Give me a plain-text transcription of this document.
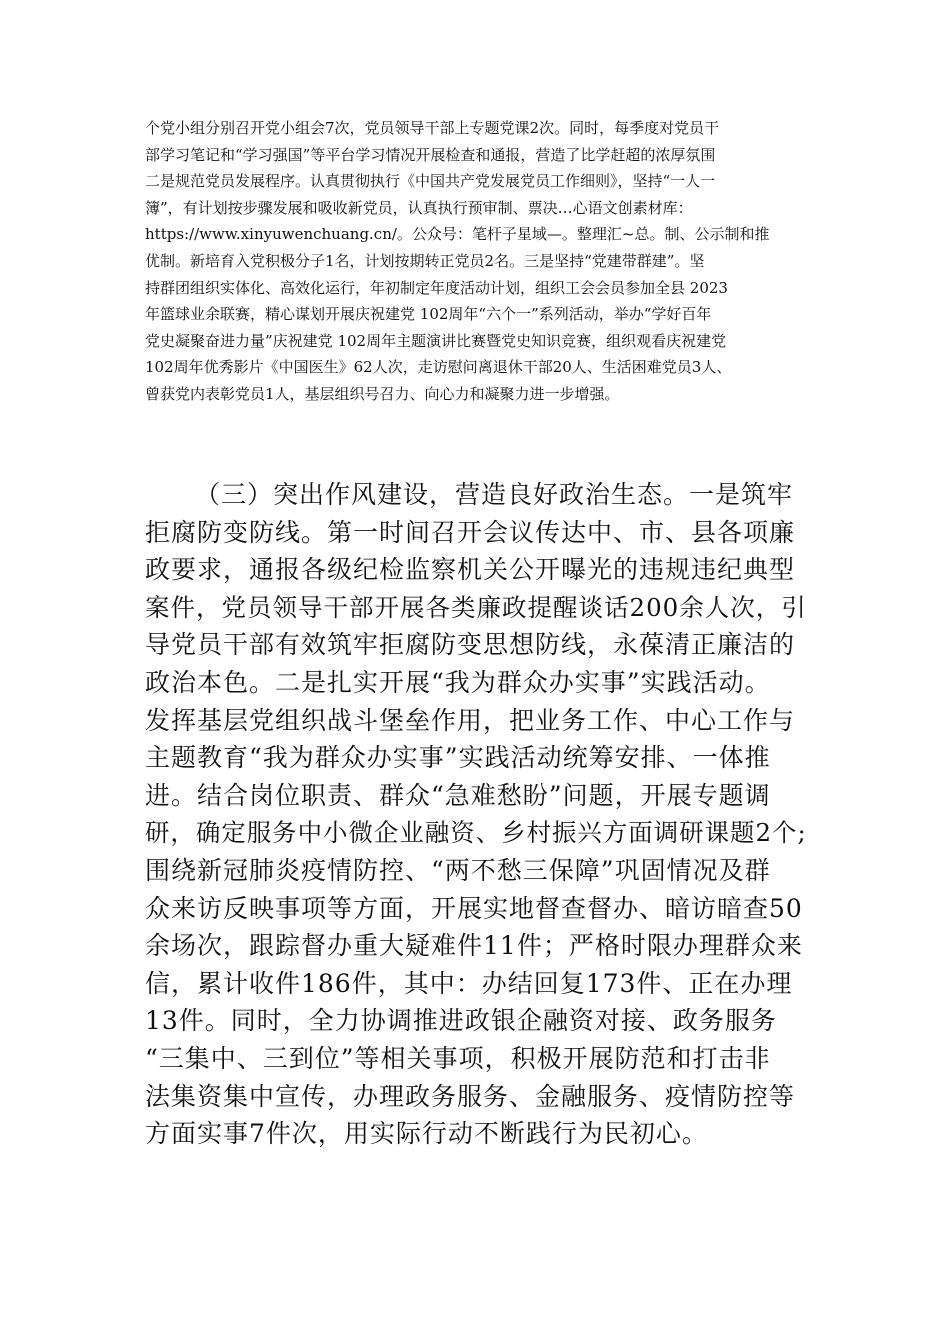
个党小组分别召开党小组会7次，党员领导干部上专题党课2次。同时，每季度对党员干
部学习笔记和“学习强国”等平台学习情况开展检查和通报，营造了比学赶超的浓厚氛围
二是规范党员发展程序。认真贯彻执行《中国共产党发展党员工作细则》，坚持“一人一
簿”，有计划按步骤发展和吸收新党员，认真执行预审制、票决…心语文创素材库：
https://www.xinyuwenchuang.cn/。公众号：笔杆子星域—。整理汇~总。制、公示制和推
优制。新培育入党积极分子1名，计划按期转正党员2名。三是坚持“党建带群建”。坚
持群团组织实体化、高效化运行，年初制定年度活动计划，组织工会会员参加全县 2023
年篮球业余联赛，精心谋划开展庆祝建党 102周年“六个一”系列活动，举办“学好百年
党史凝聚奋进力量”庆祝建党 102周年主题演讲比赛暨党史知识竞赛，组织观看庆祝建党
102周年优秀影片《中国医生》62人次，走访慰问离退休干部20人、生活困难党员3人、
曾获党内表彰党员1人，基层组织号召力、向心力和凝聚力进一步增强。
（三）突出作风建设，营造良好政治生态。一是筑牢
拒腐防变防线。第一时间召开会议传达中、市、县各项廉
政要求，通报各级纪检监察机关公开曝光的违规违纪典型
案件，党员领导干部开展各类廉政提醒谈话200余人次，引
导党员干部有效筑牢拒腐防变思想防线，永葆清正廉洁的
政治本色。二是扎实开展“我为群众办实事”实践活动。
发挥基层党组织战斗堡垒作用，把业务工作、中心工作与
主题教育“我为群众办实事”实践活动统筹安排、一体推
进。结合岗位职责、群众“急难愁盼”问题，开展专题调
研，确定服务中小微企业融资、乡村振兴方面调研课题2个;
围绕新冠肺炎疫情防控、“两不愁三保障”巩固情况及群
众来访反映事项等方面，开展实地督查督办、暗访暗查50
余场次，跟踪督办重大疑难件11件；严格时限办理群众来
信，累计收件186件，其中：办结回复173件、正在办理
13件。同时，全力协调推进政银企融资对接、政务服务
“三集中、三到位”等相关事项，积极开展防范和打击非
法集资集中宣传，办理政务服务、金融服务、疫情防控等
方面实事7件次，用实际行动不断践行为民初心。
